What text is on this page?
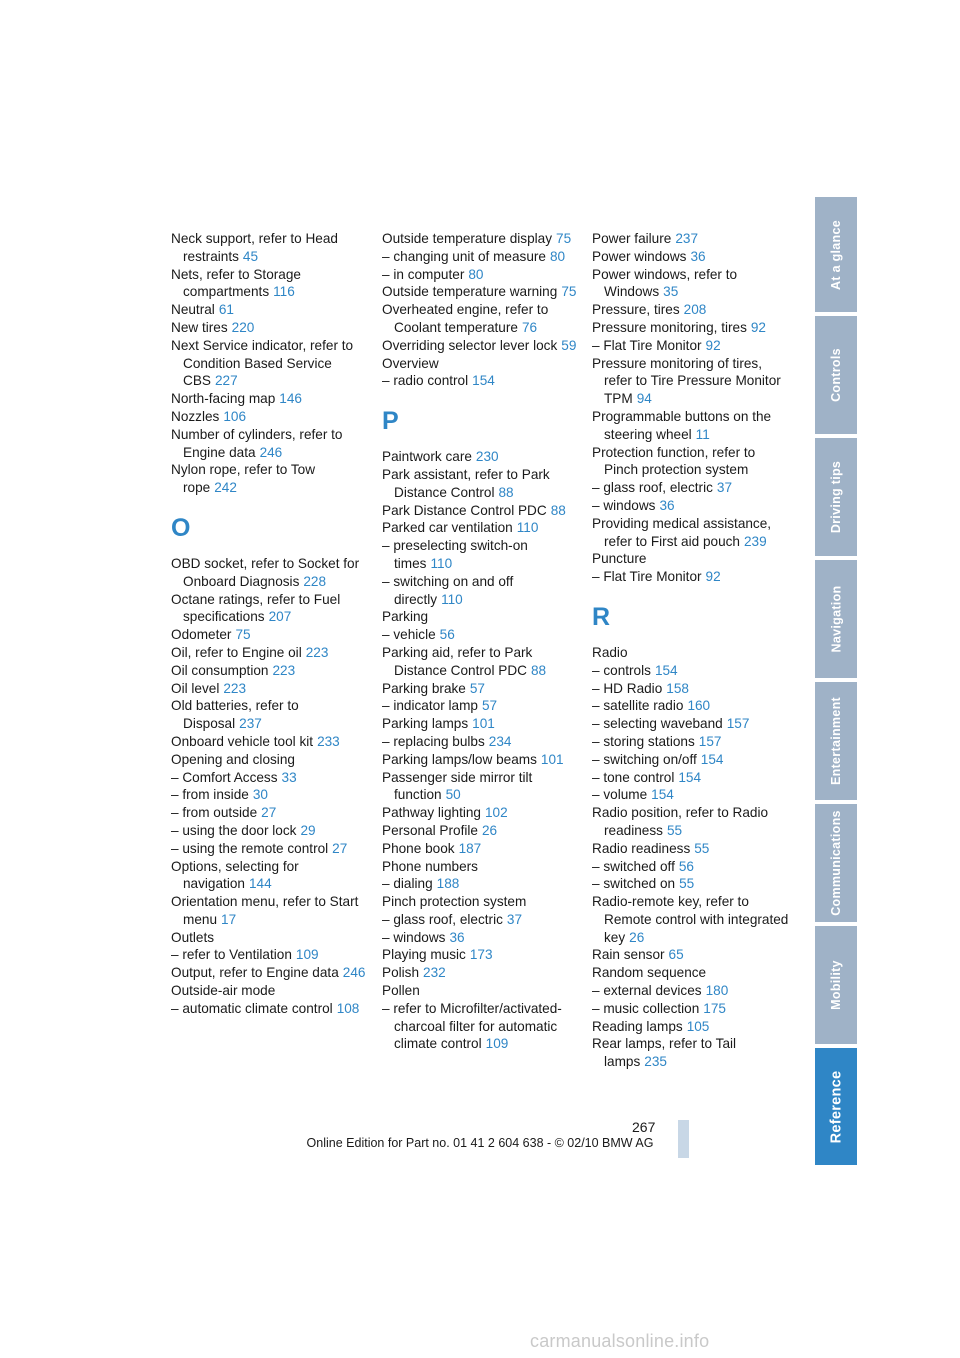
Neck support, refer to Head restraints 45
Nets, refer to Storage compartments 116
Neutral 61
New tires 220
Next Service indicator, refer to Condition Based Service CBS 227
North-facing map 146
Nozzles 106
Number of cylinders, refer to Engine data 246
Nylon rope, refer to Tow rope 242
O
OBD socket, refer to Socket for Onboard Diagnosis 228
Octane ratings, refer to Fuel specifications 207
Odometer 75
Oil, refer to Engine oil 223
Oil consumption 223
Oil level 223
Old batteries, refer to Disposal 237
Onboard vehicle tool kit 233
Opening and closing
– Comfort Access 33
– from inside 30
– from outside 27
– using the door lock 29
– using the remote control 27
Options, selecting for navigation 144
Orientation menu, refer to Start menu 17
Outlets
– refer to Ventilation 109
Output, refer to Engine data 246
Outside-air mode
– automatic climate control 108
Outside temperature display 75
– changing unit of measure 80
– in computer 80
Outside temperature warning 75
Overheated engine, refer to Coolant temperature 76
Overriding selector lever lock 59
Overview
– radio control 154
P
Paintwork care 230
Park assistant, refer to Park Distance Control 88
Park Distance Control PDC 88
Parked car ventilation 110
– preselecting switch-on times 110
– switching on and off directly 110
Parking
– vehicle 56
Parking aid, refer to Park Distance Control PDC 88
Parking brake 57
– indicator lamp 57
Parking lamps 101
– replacing bulbs 234
Parking lamps/low beams 101
Passenger side mirror tilt function 50
Pathway lighting 102
Personal Profile 26
Phone book 187
Phone numbers
– dialing 188
Pinch protection system
– glass roof, electric 37
– windows 36
Playing music 173
Polish 232
Pollen
– refer to Microfilter/activated-charcoal filter for automatic climate control 109
Power failure 237
Power windows 36
Power windows, refer to Windows 35
Pressure, tires 208
Pressure monitoring, tires 92
– Flat Tire Monitor 92
Pressure monitoring of tires, refer to Tire Pressure Monitor TPM 94
Programmable buttons on the steering wheel 11
Protection function, refer to Pinch protection system
– glass roof, electric 37
– windows 36
Providing medical assistance, refer to First aid pouch 239
Puncture
– Flat Tire Monitor 92
R
Radio
– controls 154
– HD Radio 158
– satellite radio 160
– selecting waveband 157
– storing stations 157
– switching on/off 154
– tone control 154
– volume 154
Radio position, refer to Radio readiness 55
Radio readiness 55
– switched off 56
– switched on 55
Radio-remote key, refer to Remote control with integrated key 26
Rain sensor 65
Random sequence
– external devices 180
– music collection 175
Reading lamps 105
Rear lamps, refer to Tail lamps 235
At a glance
Controls
Driving tips
Navigation
Entertainment
Communications
Mobility
Reference
267
Online Edition for Part no. 01 41 2 604 638 - © 02/10 BMW AG
carmanualsonline.info
